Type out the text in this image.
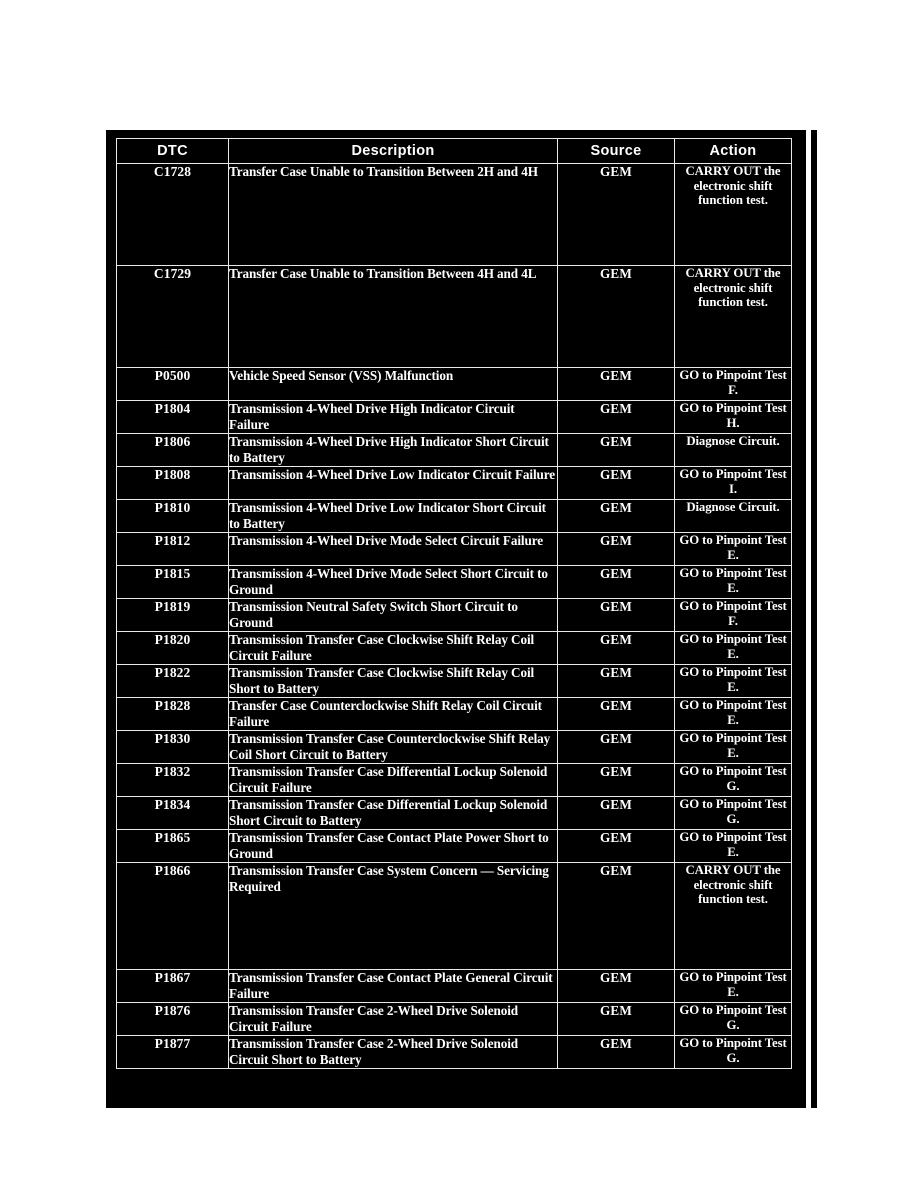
DTC	Description	Source	Action
C1728	Transfer Case Unable to Transition Between 2H and 4H	GEM	CARRY OUT the electronic shift function test.
C1729	Transfer Case Unable to Transition Between 4H and 4L	GEM	CARRY OUT the electronic shift function test.
P0500	Vehicle Speed Sensor (VSS) Malfunction	GEM	GO to Pinpoint Test F.
P1804	Transmission 4-Wheel Drive High Indicator Circuit Failure	GEM	GO to Pinpoint Test H.
P1806	Transmission 4-Wheel Drive High Indicator Short Circuit to Battery	GEM	Diagnose Circuit.
P1808	Transmission 4-Wheel Drive Low Indicator Circuit Failure	GEM	GO to Pinpoint Test I.
P1810	Transmission 4-Wheel Drive Low Indicator Short Circuit to Battery	GEM	Diagnose Circuit.
P1812	Transmission 4-Wheel Drive Mode Select Circuit Failure	GEM	GO to Pinpoint Test E.
P1815	Transmission 4-Wheel Drive Mode Select Short Circuit to Ground	GEM	GO to Pinpoint Test E.
P1819	Transmission Neutral Safety Switch Short Circuit to Ground	GEM	GO to Pinpoint Test F.
P1820	Transmission Transfer Case Clockwise Shift Relay Coil Circuit Failure	GEM	GO to Pinpoint Test E.
P1822	Transmission Transfer Case Clockwise Shift Relay Coil Short to Battery	GEM	GO to Pinpoint Test E.
P1828	Transfer Case Counterclockwise Shift Relay Coil Circuit Failure	GEM	GO to Pinpoint Test E.
P1830	Transmission Transfer Case Counterclockwise Shift Relay Coil Short Circuit to Battery	GEM	GO to Pinpoint Test E.
P1832	Transmission Transfer Case Differential Lockup Solenoid Circuit Failure	GEM	GO to Pinpoint Test G.
P1834	Transmission Transfer Case Differential Lockup Solenoid Short Circuit to Battery	GEM	GO to Pinpoint Test G.
P1865	Transmission Transfer Case Contact Plate Power Short to Ground	GEM	GO to Pinpoint Test E.
P1866	Transmission Transfer Case System Concern — Servicing Required	GEM	CARRY OUT the electronic shift function test.
P1867	Transmission Transfer Case Contact Plate General Circuit Failure	GEM	GO to Pinpoint Test E.
P1876	Transmission Transfer Case 2-Wheel Drive Solenoid Circuit Failure	GEM	GO to Pinpoint Test G.
P1877	Transmission Transfer Case 2-Wheel Drive Solenoid Circuit Short to Battery	GEM	GO to Pinpoint Test G.
